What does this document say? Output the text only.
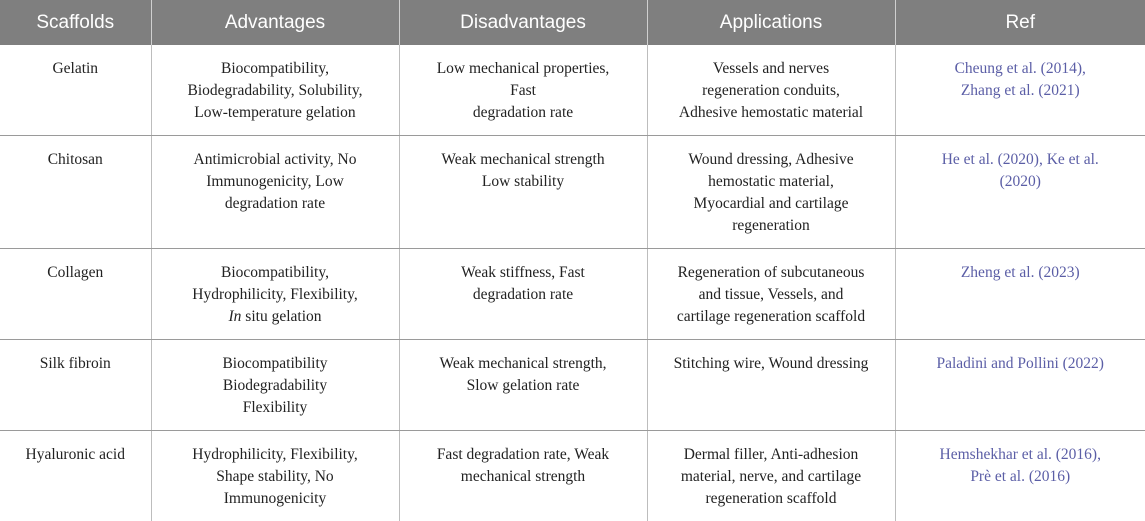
Scaffolds	Advantages	Disadvantages	Applications	Ref
Gelatin	Biocompatibility,
Biodegradability, Solubility,
Low-temperature gelation	Low mechanical properties,
Fast
degradation rate	Vessels and nerves
regeneration conduits,
Adhesive hemostatic material	Cheung et al. (2014),
Zhang et al. (2021)

Chitosan	Antimicrobial activity, No
Immunogenicity, Low
degradation rate	Weak mechanical strength
Low stability	Wound dressing, Adhesive
hemostatic material,
Myocardial and cartilage
regeneration	He et al. (2020), Ke et al.
(2020)

Collagen	Biocompatibility,
Hydrophilicity, Flexibility,
In situ gelation	Weak stiffness, Fast
degradation rate	Regeneration of subcutaneous
and tissue, Vessels, and
cartilage regeneration scaffold	Zheng et al. (2023)

Silk fibroin	Biocompatibility
Biodegradability
Flexibility	Weak mechanical strength,
Slow gelation rate	Stitching wire, Wound dressing	Paladini and Pollini (2022)

Hyaluronic acid	Hydrophilicity, Flexibility,
Shape stability, No
Immunogenicity	Fast degradation rate, Weak
mechanical strength	Dermal filler, Anti-adhesion
material, nerve, and cartilage
regeneration scaffold	Hemshekhar et al. (2016),
Prè et al. (2016)
